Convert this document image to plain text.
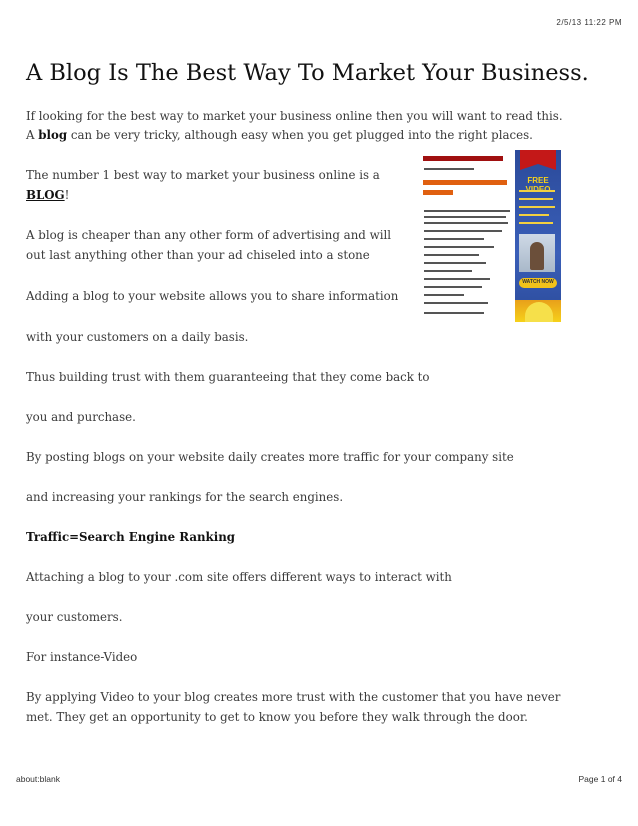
2/5/13 11:22 PM
A Blog Is The Best Way To Market Your Business.

If looking for the best way to market your business online then you will want to read this.

A blog can be very tricky, although easy when you get plugged into the right places.

The number 1 best way to market your business online is a

BLOG!

A blog is cheaper than any other form of advertising and will

out last anything other than your ad chiseled into a stone

Adding a blog to your website allows you to share information

with your customers on a daily basis.

Thus building trust with them guaranteeing that they come back to

you and purchase.

By posting blogs on your website daily creates more traffic for your company site

and increasing your rankings for the search engines.

Traffic=Search Engine Ranking

Attaching a blog to your .com site offers different ways to interact with

your customers.

For instance-Video

By applying Video to your blog creates more trust with the customer that you have never

met. They get an opportunity to get to know you before they walk through the door.

FREE
WATCH NOW
about:blank	Page 1 of 4
